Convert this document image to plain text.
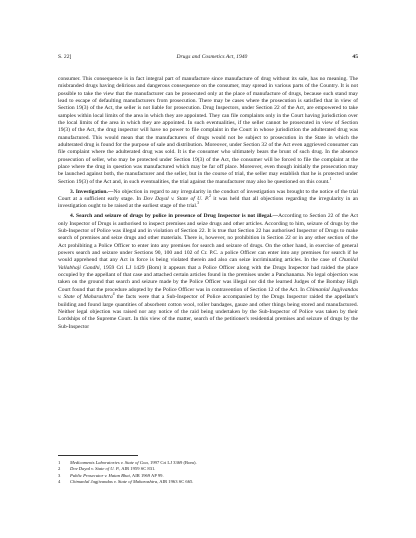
S. 22]	Drugs and Cosmetics Act, 1940	45

consumer. This consequence is in fact integral part of manufacture since manufacture of drug without its sale, has no meaning. The misbranded drugs having delirious and dangerous consequence on the consumer, may spread in various parts of the Country. It is not possible to take the view that the manufacturer can be prosecuted only at the place of manufacture of drugs, because such stand may lead to escape of defaulting manufacturers from prosecution. There may be cases where the prosecution is satisfied that in view of Section 19(3) of the Act, the seller is not liable for prosecution. Drug Inspectors, under Section 22 of the Act, are empowered to take samples within local limits of the area in which they are appointed. They can file complaints only in the Court having jurisdiction over the local limits of the area in which they are appointed. In such eventualities, if the seller cannot be prosecuted in view of Section 19(3) of the Act, the drug inspector will have no power to file complaint in the Court in whose jurisdiction the adulterated drug was manufactured. This would mean that the manufacturers of drugs would not be subject to prosecution in the State in which the adulterated drug is found for the purpose of sale and distribution. Moreover, under Section 32 of the Act even aggrieved consumer can file complaint where the adulterated drug was sold. It is the consumer who ultimately bears the brunt of such drug. In the absence prosecution of seller, who may be protected under Section 19(3) of the Act, the consumer will be forced to file the complaint at the place where the drug in question was manufactured which may be far off place. Moreover, even though initially the prosecution may be launched against both, the manufacturer and the seller, but in the course of trial, the seller may establish that he is protected under Section 19(3) of the Act and, in such eventualities, the trial against the manufacturer may also be questioned on this count.$^1$

3. Investigation.—No objection in regard to any irregularity in the conduct of investigation was brought to the notice of the trial Court at a sufficient early stage. In Dov Dayal v. State of U. P.$^2$ it was held that all objections regarding the irregularity in an investigation ought to be raised at the earliest stage of the trial.$^3$

4. Search and seizure of drugs by police in presence of Drug Inspector is not illegal.—According to Section 22 of the Act only Inspector of Drugs is authorised to inspect premises and seize drugs and other articles. According to him, seizure of drugs by the Sub-Inspector of Police was illegal and in violation of Section 22. It is true that Section 22 has authorised Inspector of Drugs to make search of premises and seize drugs and other materials. There is, however, no prohibition in Section 22 or in any other section of the Act prohibiting a Police Officer to enter into any premises for search and seizure of drugs. On the other hand, in exercise of general powers search and seizure under Sections 90, 100 and 102 of Cr. P.C. a police Officer can enter into any premises for search if he would apprehend that any Act in force is being violated therein and also can seize incriminating articles. In the case of Chunilal Vallabhaji Gandhi, 1959 Cri LJ 1429 (Bom) it appears that a Police Officer along with the Drugs Inspector had raided the place occupied by the appellant of that case and attached certain articles found in the premises under a Panchanama. No legal objection was taken on the ground that search and seizure made by the Police Officer was illegal nor did the learned Judges of the Bombay High Court found that the procedure adopted by the Police Officer was in contravention of Section 12 of the Act. In Chimanlal Jagjivandas v. State of Maharashtra$^4$ the facts were that a Sub-Inspector of Police accompanied by the Drugs Inspector raided the appellant's building and found large quantities of absorbent cotton wool, roller bandages, gauze and other things being stored and manufactured. Neither legal objection was raised nor any notice of the raid being undertaken by the Sub-Inspector of Police was taken by their Lordships of the Supreme Court. In this view of the matter, search of the petitioner's residential premises and seizure of drugs by the Sub-Inspector

1	Medicaments Laboratories v. State of Goa, 1997 Cri LJ 3369 (Bom).
2	Dov Dayal v. State of U. P., AIR 1959 SC 831.
3	Public Prosecutor v. Hatan Bhai, AIR 1969 AP 99.
4	Chimanlal Jagjivandas v. State of Maharashtra, AIR 1963 SC 665.
